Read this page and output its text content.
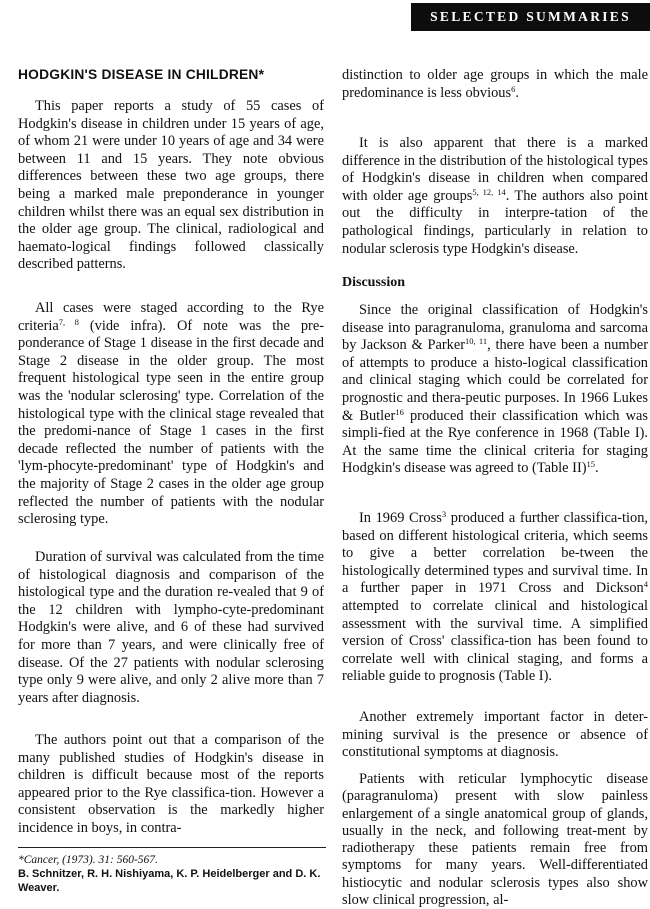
SELECTED SUMMARIES
HODGKIN'S DISEASE IN CHILDREN*

This paper reports a study of 55 cases of Hodgkin's disease in children under 15 years of age, of whom 21 were under 10 years of age and 34 were between 11 and 15 years. They note obvious differences between these two age groups, there being a marked male preponderance in younger children whilst there was an equal sex distribution in the older age group. The clinical, radiological and haemato-logical findings followed classically described patterns.

All cases were staged according to the Rye criteria$^{7, 8}$ (vide infra). Of note was the pre-ponderance of Stage 1 disease in the first decade and Stage 2 disease in the older group. The most frequent histological type seen in the entire group was the 'nodular sclerosing' type. Correlation of the histological type with the clinical stage revealed that the predomi-nance of Stage 1 cases in the first decade reflected the number of patients with the 'lym-phocyte-predominant' type of Hodgkin's and the majority of Stage 2 cases in the older age group reflected the number of patients with the nodular sclerosing type.

Duration of survival was calculated from the time of histological diagnosis and comparison of the histological type and the duration re-vealed that 9 of the 12 children with lympho-cyte-predominant Hodgkin's were alive, and 6 of these had survived for more than 7 years, and were clinically free of disease. Of the 27 patients with nodular sclerosing type only 9 were alive, and only 2 alive more than 7 years after diagnosis.

The authors point out that a comparison of the many published studies of Hodgkin's disease in children is difficult because most of the reports appeared prior to the Rye classifica-tion. However a consistent observation is the markedly higher incidence in boys, in contra-

distinction to older age groups in which the male predominance is less obvious$^6$.

It is also apparent that there is a marked difference in the distribution of the histological types of Hodgkin's disease in children when compared with older age groups$^{5, 12, 14}$. The authors also point out the difficulty in interpre-tation of the pathological findings, particularly in relation to nodular sclerosis type Hodgkin's disease.

Since the original classification of Hodgkin's disease into paragranuloma, granuloma and sarcoma by Jackson & Parker$^{10, 11}$, there have been a number of attempts to produce a histo-logical classification and clinical staging which could be correlated for prognostic and thera-peutic purposes. In 1966 Lukes & Butler$^{16}$ produced their classification which was simpli-fied at the Rye conference in 1968 (Table I). At the same time the clinical criteria for staging Hodgkin's disease was agreed to (Table II)$^{15}$.

In 1969 Cross$^3$ produced a further classifica-tion, based on different histological criteria, which seems to give a better correlation be-tween the histologically determined types and survival time. In a further paper in 1971 Cross and Dickson$^4$ attempted to correlate clinical and histological assessment with the survival time. A simplified version of Cross' classifica-tion has been found to correlate well with clinical staging, and forms a reliable guide to prognosis (Table I).

Another extremely important factor in deter-mining survival is the presence or absence of constitutional symptoms at diagnosis.

Patients with reticular lymphocytic disease (paragranuloma) present with slow painless enlargement of a single anatomical group of glands, usually in the neck, and following treat-ment by radiotherapy these patients remain free from symptoms for many years. Well-differentiated histiocytic and nodular sclerosis types also show slow clinical progression, al-

Discussion
*Cancer, (1973). 31: 560-567.
B. Schnitzer, R. H. Nishiyama, K. P. Heidelberger and D. K. Weaver.
